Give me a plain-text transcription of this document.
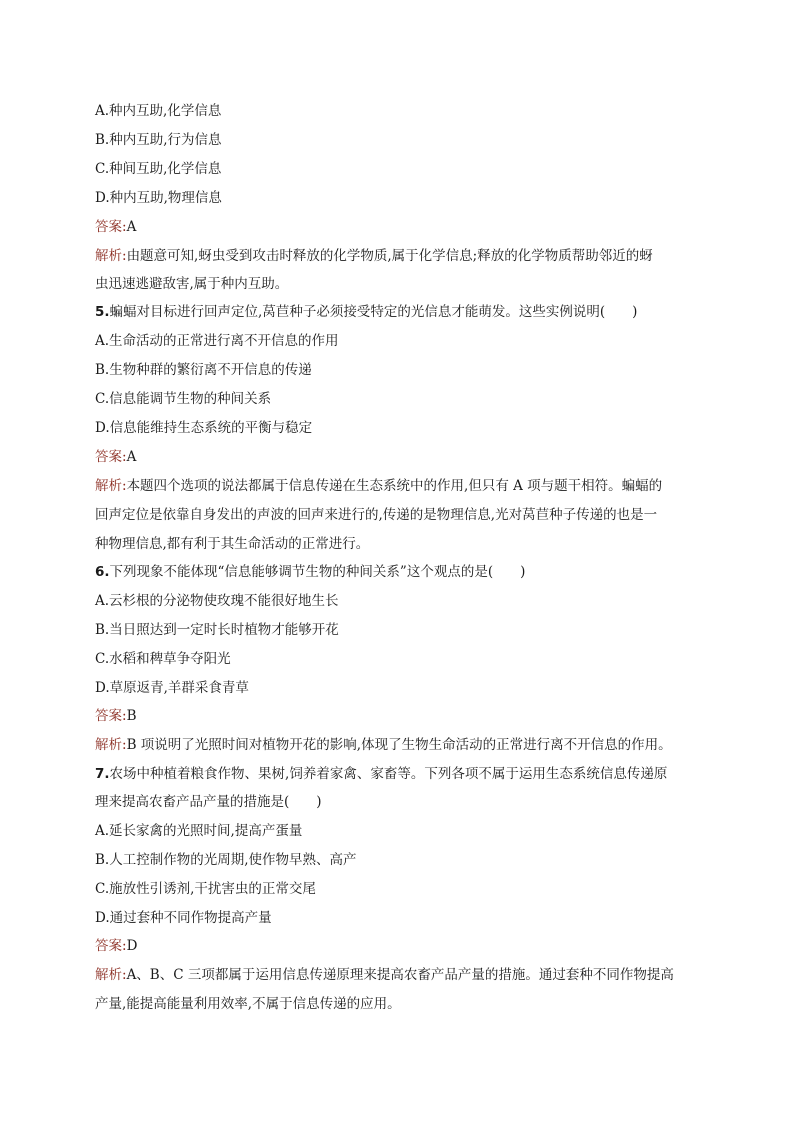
A.种内互助,化学信息
B.种内互助,行为信息
C.种间互助,化学信息
D.种内互助,物理信息
答案:A
解析:由题意可知,蚜虫受到攻击时释放的化学物质,属于化学信息;释放的化学物质帮助邻近的蚜
虫迅速逃避敌害,属于种内互助。
5.蝙蝠对目标进行回声定位,莴苣种子必须接受特定的光信息才能萌发。这些实例说明(　　)
A.生命活动的正常进行离不开信息的作用
B.生物种群的繁衍离不开信息的传递
C.信息能调节生物的种间关系
D.信息能维持生态系统的平衡与稳定
答案:A
解析:本题四个选项的说法都属于信息传递在生态系统中的作用,但只有 A 项与题干相符。蝙蝠的
回声定位是依靠自身发出的声波的回声来进行的,传递的是物理信息,光对莴苣种子传递的也是一
种物理信息,都有利于其生命活动的正常进行。
6.下列现象不能体现“信息能够调节生物的种间关系”这个观点的是(　　)
A.云杉根的分泌物使玫瑰不能很好地生长
B.当日照达到一定时长时植物才能够开花
C.水稻和稗草争夺阳光
D.草原返青,羊群采食青草
答案:B
解析:B 项说明了光照时间对植物开花的影响,体现了生物生命活动的正常进行离不开信息的作用。
7.农场中种植着粮食作物、果树,饲养着家禽、家畜等。下列各项不属于运用生态系统信息传递原
理来提高农畜产品产量的措施是(　　)
A.延长家禽的光照时间,提高产蛋量
B.人工控制作物的光周期,使作物早熟、高产
C.施放性引诱剂,干扰害虫的正常交尾
D.通过套种不同作物提高产量
答案:D
解析:A、B、C 三项都属于运用信息传递原理来提高农畜产品产量的措施。通过套种不同作物提高
产量,能提高能量利用效率,不属于信息传递的应用。
